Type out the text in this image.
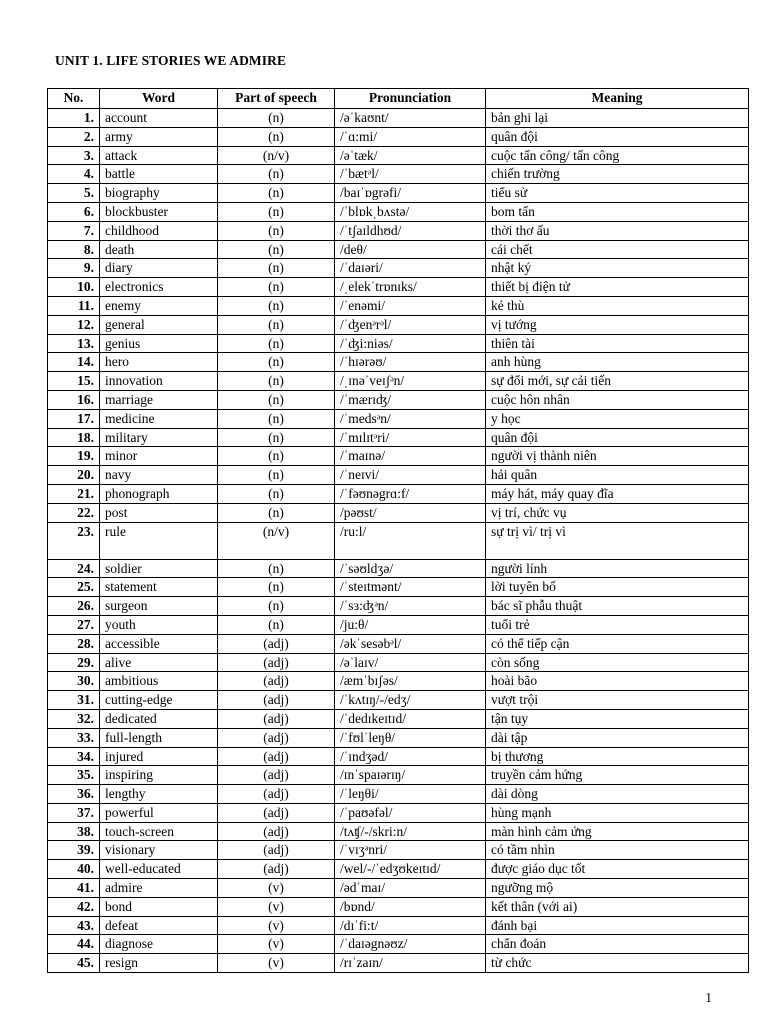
UNIT 1. LIFE STORIES WE ADMIRE
No.	Word	Part of speech	Pronunciation	Meaning
1.	account	(n)	/əˈkaʊnt/	bản ghi lại
2.	army	(n)	/ˈɑ:mi/	quân đội
3.	attack	(n/v)	/əˈtæk/	cuộc tấn công/ tấn công
4.	battle	(n)	/ˈbætᵊl/	chiến trường
5.	biography	(n)	/baɪˈɒgrəfi/	tiểu sử
6.	blockbuster	(n)	/ˈblɒkˌbʌstə/	bom tấn
7.	childhood	(n)	/ˈtʃaɪldhʊd/	thời thơ ấu
8.	death	(n)	/deθ/	cái chết
9.	diary	(n)	/ˈdaɪəri/	nhật ký
10.	electronics	(n)	/ˌelekˈtrɒnɪks/	thiết bị điện tử
11.	enemy	(n)	/ˈenəmi/	kẻ thù
12.	general	(n)	/ˈʤenᵊrᵊl/	vị tướng
13.	genius	(n)	/ˈʤi:niəs/	thiên tài
14.	hero	(n)	/ˈhɪərəʊ/	anh hùng
15.	innovation	(n)	/ˌɪnəˈveɪʃᵊn/	sự đổi mới, sự cải tiến
16.	marriage	(n)	/ˈmærɪʤ/	cuộc hôn nhân
17.	medicine	(n)	/ˈmedsᵊn/	y học
18.	military	(n)	/ˈmɪlɪtᵊri/	quân đội
19.	minor	(n)	/ˈmaɪnə/	người vị thành niên
20.	navy	(n)	/ˈneɪvi/	hải quân
21.	phonograph	(n)	/ˈfəʊnəgrɑ:f/	máy hát, máy quay đĩa
22.	post	(n)	/pəʊst/	vị trí, chức vụ
23.	rule	(n/v)	/ru:l/	sự trị vì/ trị vì
24.	soldier	(n)	/ˈsəʊldʒə/	người lính
25.	statement	(n)	/ˈsteɪtmənt/	lời tuyên bố
26.	surgeon	(n)	/ˈsɜ:ʤᵊn/	bác sĩ phẫu thuật
27.	youth	(n)	/ju:θ/	tuổi trẻ
28.	accessible	(adj)	/əkˈsesəbᵊl/	có thể tiếp cận
29.	alive	(adj)	/əˈlaɪv/	còn sống
30.	ambitious	(adj)	/æmˈbɪʃəs/	hoài bão
31.	cutting-edge	(adj)	/ˈkʌtɪŋ/-/edʒ/	vượt trội
32.	dedicated	(adj)	/ˈdedɪkeɪtɪd/	tận tụy
33.	full-length	(adj)	/ˈfʊlˈleŋθ/	dài tập
34.	injured	(adj)	/ˈɪndʒəd/	bị thương
35.	inspiring	(adj)	/ɪnˈspaɪərɪŋ/	truyền cảm hứng
36.	lengthy	(adj)	/ˈleŋθi/	dài dòng
37.	powerful	(adj)	/ˈpaʊəfəl/	hùng mạnh
38.	touch-screen	(adj)	/tʌʧ/-/skri:n/	màn hình cảm ứng
39.	visionary	(adj)	/ˈvɪʒᵊnri/	có tầm nhìn
40.	well-educated	(adj)	/wel/-/ˈedʒʊkeɪtɪd/	được giáo dục tốt
41.	admire	(v)	/ədˈmaɪ/	ngưỡng mộ
42.	bond	(v)	/bɒnd/	kết thân (với ai)
43.	defeat	(v)	/dɪˈfi:t/	đánh bại
44.	diagnose	(v)	/ˈdaɪəgnəʊz/	chẩn đoán
45.	resign	(v)	/rɪˈzaɪn/	từ chức
1
